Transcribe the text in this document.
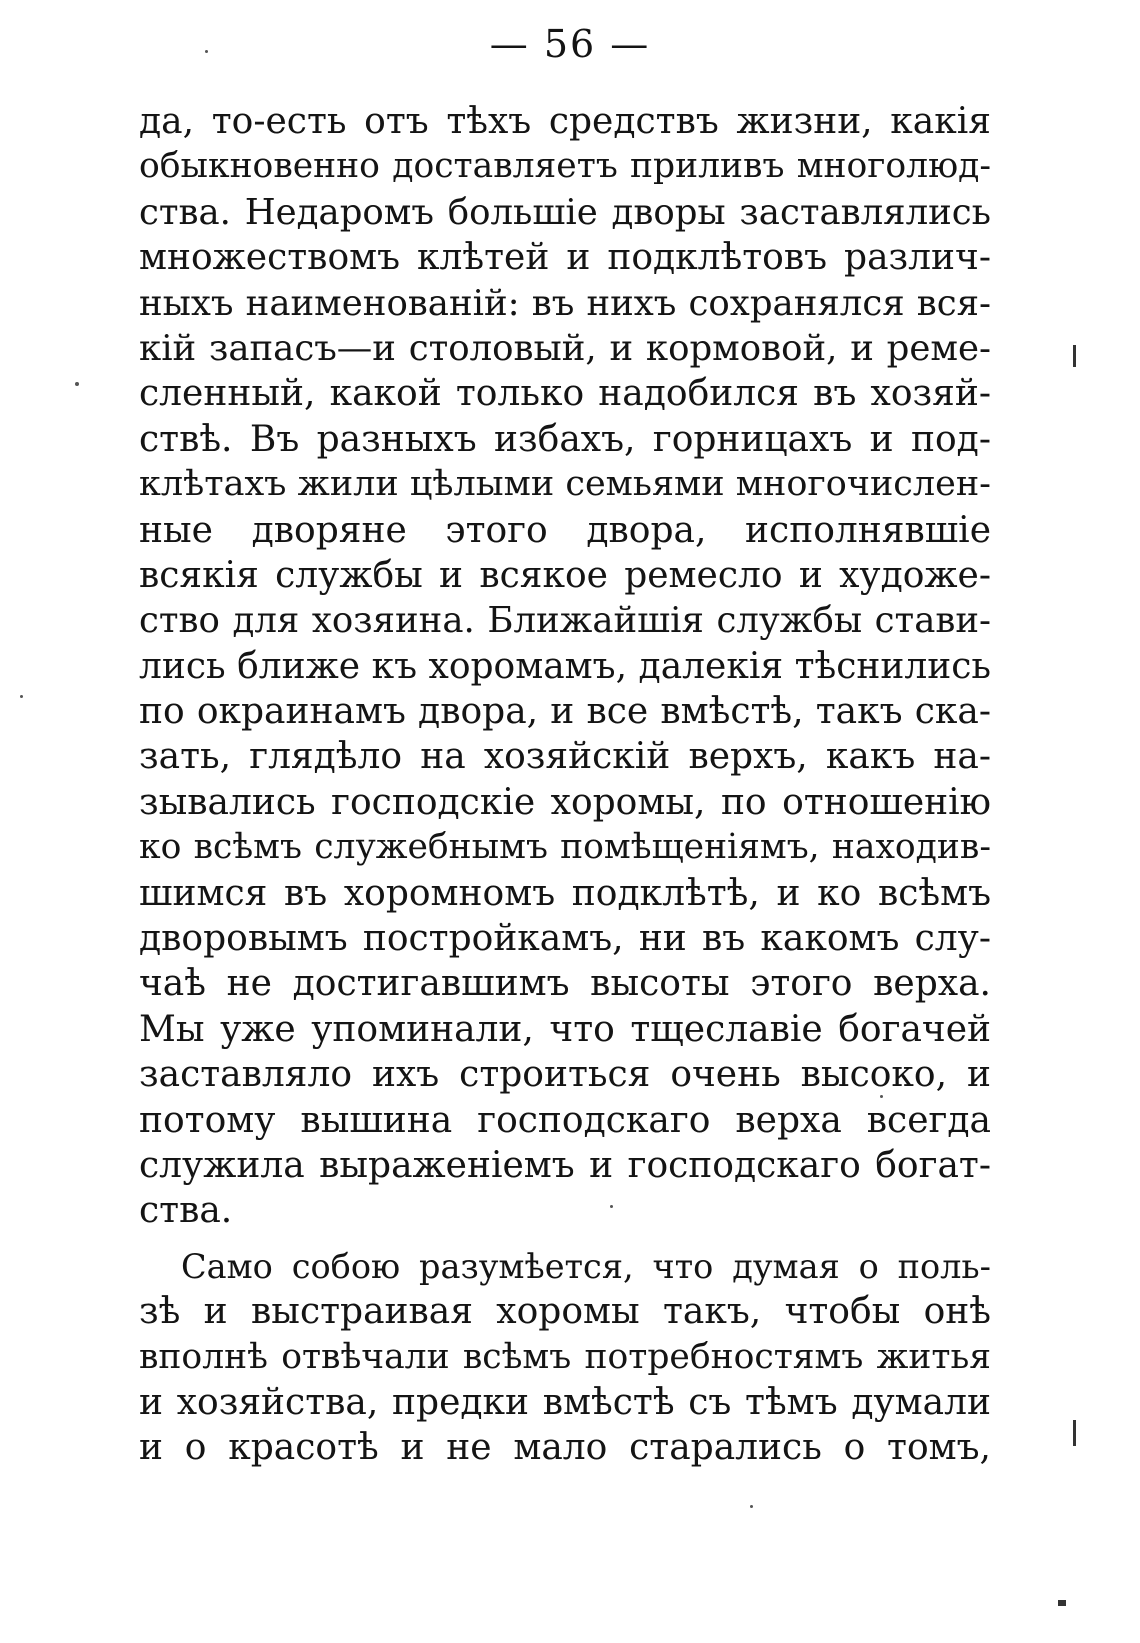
— 56 —
да, то-есть отъ тѣхъ средствъ жизни, какія
обыкновенно доставляетъ приливъ многолюд-
ства. Недаромъ большіе дворы заставлялись
множествомъ клѣтей и подклѣтовъ различ-
ныхъ наименованій: въ нихъ сохранялся вся-
кій запасъ—и столовый, и кормовой, и реме-
сленный, какой только надобился въ хозяй-
ствѣ. Въ разныхъ избахъ, горницахъ и под-
клѣтахъ жили цѣлыми семьями многочислен-
ные дворяне этого двора, исполнявшіе
всякія службы и всякое ремесло и художе-
ство для хозяина. Ближайшія службы стави-
лись ближе къ хоромамъ, далекія тѣснились
по окраинамъ двора, и все вмѣстѣ, такъ ска-
зать, глядѣло на хозяйскій верхъ, какъ на-
зывались господскіе хоромы, по отношенію
ко всѣмъ служебнымъ помѣщеніямъ, находив-
шимся въ хоромномъ подклѣтѣ, и ко всѣмъ
дворовымъ постройкамъ, ни въ какомъ слу-
чаѣ не достигавшимъ высоты этого верха.
Мы уже упоминали, что тщеславіе богачей
заставляло ихъ строиться очень высоко, и
потому вышина господскаго верха всегда
служила выраженіемъ и господскаго богат-
ства.
Само собою разумѣется, что думая о поль-
зѣ и выстраивая хоромы такъ, чтобы онѣ
вполнѣ отвѣчали всѣмъ потребностямъ житья
и хозяйства, предки вмѣстѣ съ тѣмъ думали
и о красотѣ и не мало старались о томъ,
